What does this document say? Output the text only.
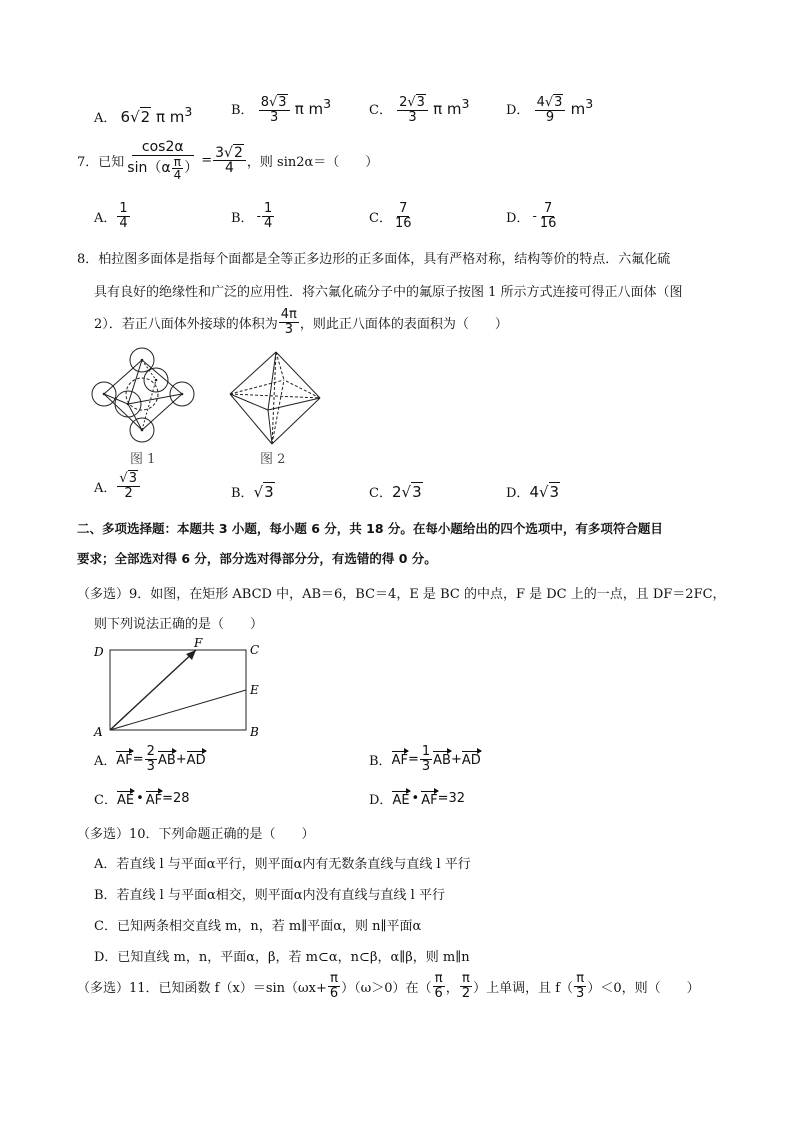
A． 6√2 π $m^3$	B． $\frac{8√3}{3}$ π $m^3$	C． $\frac{2√3}{3}$ π $m^3$	D． $\frac{4√3}{9} m^3$
7．已知 $\frac{\cos 2\alpha}{\sin(\alpha \frac{\pi}{4} )} = \frac{3√2}{4}$ ，则 sin2α＝（　　）
A． $\frac{1}{4}$	B． - $\frac{1}{4}$	C． $\frac{7}{16}$	D． - $\frac{7}{16}$
8．柏拉图多面体是指每个面都是全等正多边形的正多面体，具有严格对称，结构等价的特点．六氟化硫
具有良好的绝缘性和广泛的应用性．将六氟化硫分子中的氟原子按图 1 所示方式连接可得正八面体（图
2）．若正八面体外接球的体积为 $\frac{4\pi}{3}$ ，则此正八面体的表面积为（　　）
图 1	图 2
A． $\frac{√3}{2}$	B．√3	C．2√3	D．4√3
二、多项选择题：本题共 3 小题，每小题 6 分，共 18 分。在每小题给出的四个选项中，有多项符合题目
要求；全部选对得 6 分，部分选对得部分分，有选错的得 0 分。
（多选）9．如图，在矩形 ABCD 中，AB＝6，BC＝4，E 是 BC 的中点，F 是 DC 上的一点，且 DF＝2FC，
则下列说法正确的是（　　）
D
F	C
E
A	B
A． AF = $\frac{2}{3}$ AB + AD	B． AF = $\frac{1}{3}$ AB + AD
C． AE • AF =28	D． AE • AF =32
（多选）10．下列命题正确的是（　　）
A．若直线 l 与平面α平行，则平面α内有无数条直线与直线 l 平行
B．若直线 l 与平面α相交，则平面α内没有直线与直线 l 平行
C．已知两条相交直线 m，n，若 m∥平面α，则 n∥平面α
D．已知直线 m，n，平面α，β，若 m⊂α，n⊂β，α∥β，则 m∥n
（多选）11．已知函数 $f(x)=\sin(\omega x+ \frac{\pi}{6} )(\omega>0)$在（ $\frac{\pi}{6}$ ， $\frac{\pi}{2}$ ）上单调，且 $f( \frac{\pi}{3} )<0$，则（　　）
